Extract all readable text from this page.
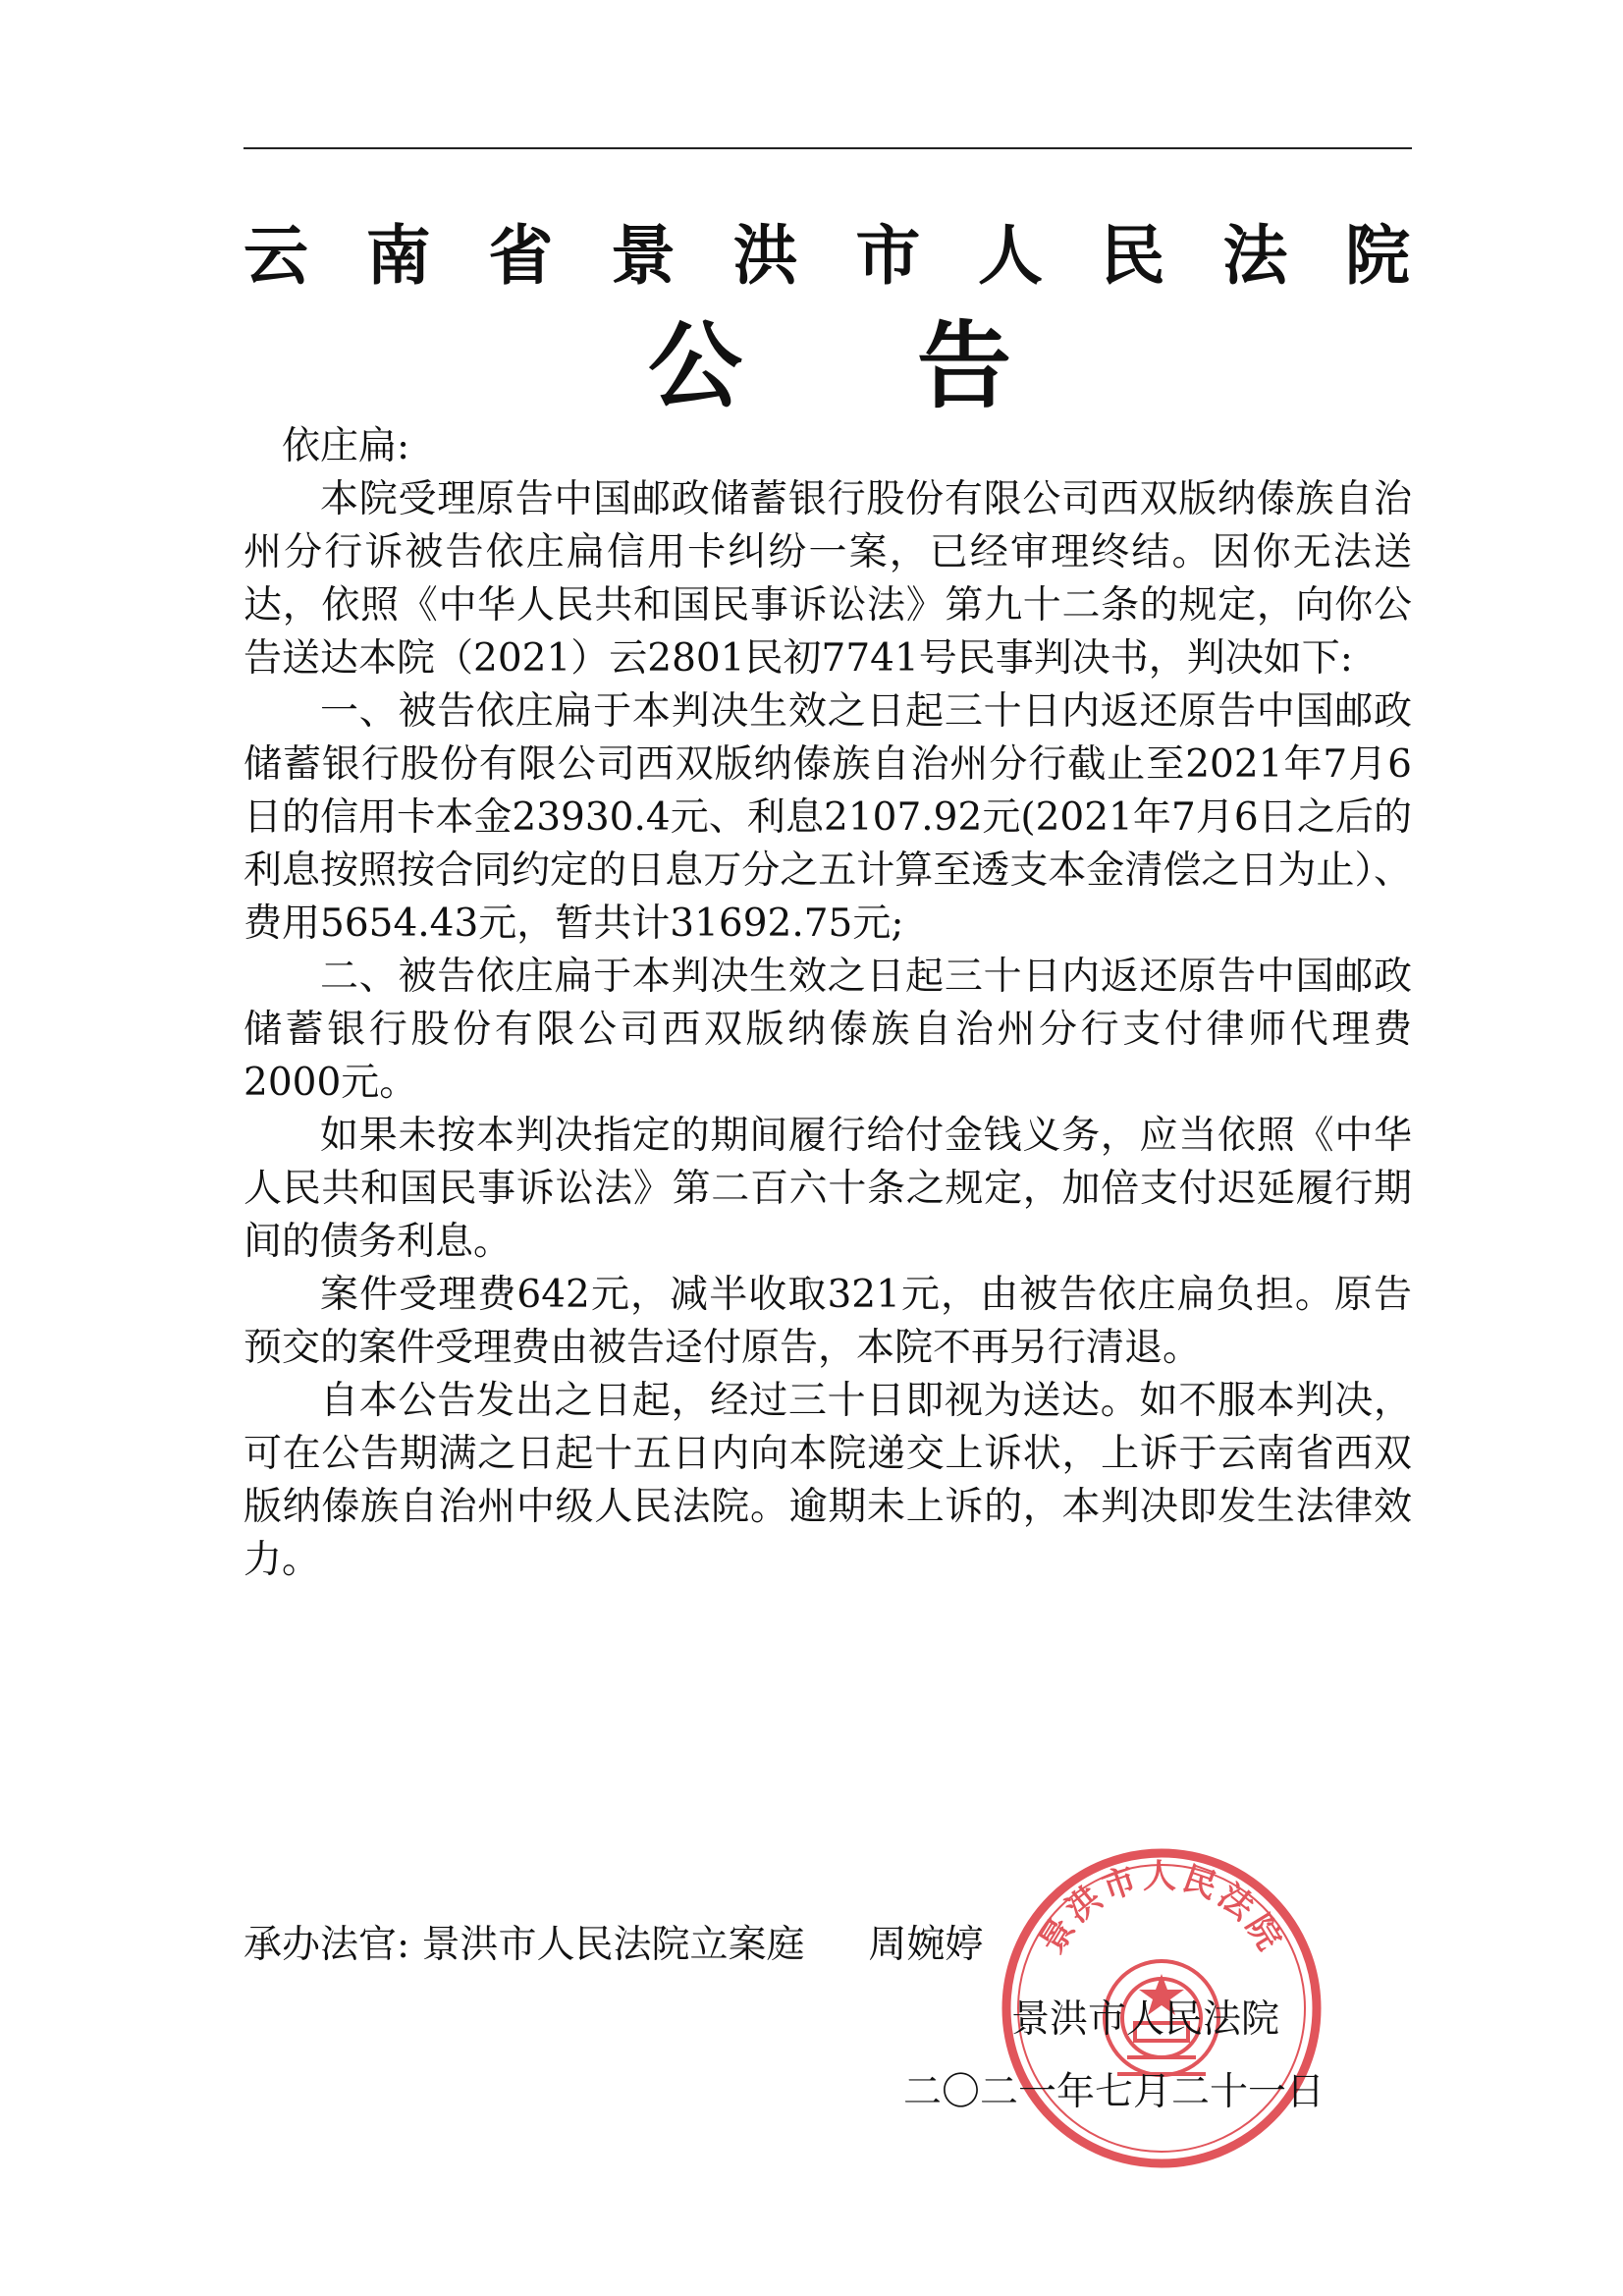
云南省景洪市人民法院
公告

依庄扁:

本院受理原告中国邮政储蓄银行股份有限公司西双版纳傣族自治州分行诉被告依庄扁信用卡纠纷一案，已经审理终结。因你无法送达，依照《中华人民共和国民事诉讼法》第九十二条的规定，向你公告送达本院（2021）云2801民初7741号民事判决书，判决如下:

一、被告依庄扁于本判决生效之日起三十日内返还原告中国邮政储蓄银行股份有限公司西双版纳傣族自治州分行截止至2021年7月6日的信用卡本金23930.4元、利息2107.92元(2021年7月6日之后的利息按照按合同约定的日息万分之五计算至透支本金清偿之日为止）、费用5654.43元，暂共计31692.75元;

二、被告依庄扁于本判决生效之日起三十日内返还原告中国邮政储蓄银行股份有限公司西双版纳傣族自治州分行支付律师代理费2000元。

如果未按本判决指定的期间履行给付金钱义务，应当依照《中华人民共和国民事诉讼法》第二百六十条之规定，加倍支付迟延履行期间的债务利息。

案件受理费642元，减半收取321元，由被告依庄扁负担。原告预交的案件受理费由被告迳付原告，本院不再另行清退。

自本公告发出之日起，经过三十日即视为送达。如不服本判决，可在公告期满之日起十五日内向本院递交上诉状，上诉于云南省西双版纳傣族自治州中级人民法院。逾期未上诉的，本判决即发生法律效力。

承办法官: 景洪市人民法院立案庭 周婉婷	景洪市人民法院
景洪市人民法院
二〇二一年七月二十一日
